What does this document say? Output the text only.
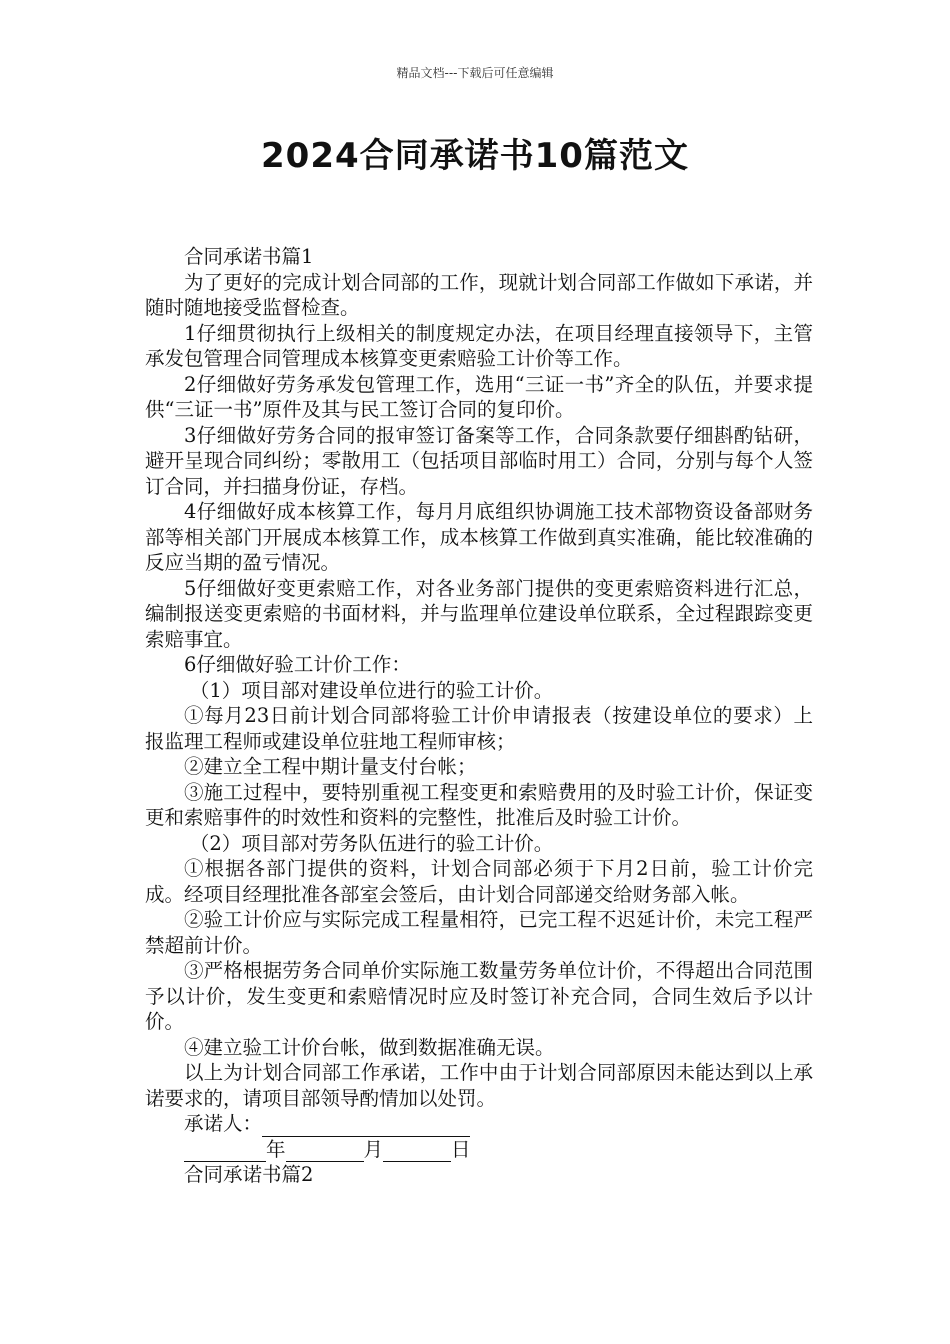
精品文档---下载后可任意编辑
2024合同承诺书10篇范文

合同承诺书篇1

为了更好的完成计划合同部的工作，现就计划合同部工作做如下承诺，并随时随地接受监督检查。

1仔细贯彻执行上级相关的制度规定办法，在项目经理直接领导下，主管承发包管理合同管理成本核算变更索赔验工计价等工作。

2仔细做好劳务承发包管理工作，选用“三证一书”齐全的队伍，并要求提供“三证一书”原件及其与民工签订合同的复印价。

3仔细做好劳务合同的报审签订备案等工作，合同条款要仔细斟酌钻研，避开呈现合同纠纷；零散用工（包括项目部临时用工）合同，分别与每个人签订合同，并扫描身份证，存档。

4仔细做好成本核算工作，每月月底组织协调施工技术部物资设备部财务部等相关部门开展成本核算工作，成本核算工作做到真实准确，能比较准确的反应当期的盈亏情况。

5仔细做好变更索赔工作，对各业务部门提供的变更索赔资料进行汇总，编制报送变更索赔的书面材料，并与监理单位建设单位联系，全过程跟踪变更索赔事宜。

6仔细做好验工计价工作：

（1）项目部对建设单位进行的验工计价。

①每月23日前计划合同部将验工计价申请报表（按建设单位的要求）上报监理工程师或建设单位驻地工程师审核；

②建立全工程中期计量支付台帐；

③施工过程中，要特别重视工程变更和索赔费用的及时验工计价，保证变更和索赔事件的时效性和资料的完整性，批准后及时验工计价。

（2）项目部对劳务队伍进行的验工计价。

①根据各部门提供的资料，计划合同部必须于下月2日前，验工计价完成。经项目经理批准各部室会签后，由计划合同部递交给财务部入帐。

②验工计价应与实际完成工程量相符，已完工程不迟延计价，未完工程严禁超前计价。

③严格根据劳务合同单价实际施工数量劳务单位计价，不得超出合同范围予以计价，发生变更和索赔情况时应及时签订补充合同，合同生效后予以计价。

④建立验工计价台帐，做到数据准确无误。

以上为计划合同部工作承诺，工作中由于计划合同部原因未能达到以上承诺要求的，请项目部领导酌情加以处罚。

承诺人：

年	月	日

合同承诺书篇2
